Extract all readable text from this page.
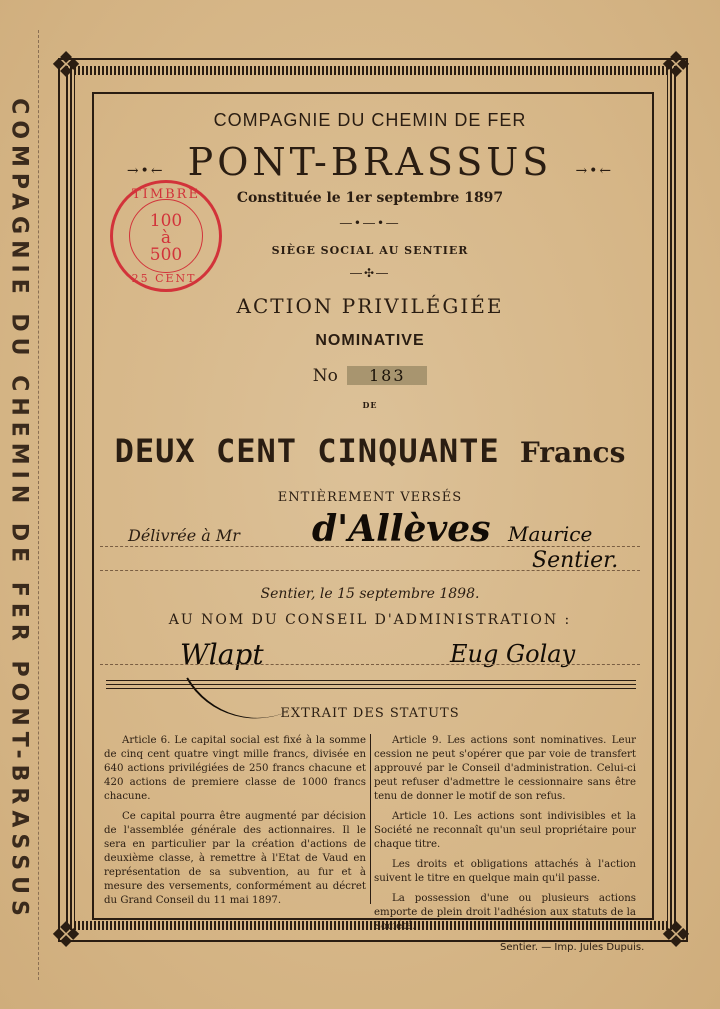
COMPAGNIE DU CHEMIN DE FER PONT-BRASSUS
❖	❖
❖	❖
COMPAGNIE DU CHEMIN DE FER
→•← PONT-BRASSUS →•←
Constituée le 1er septembre 1897
―•―•―
SIÈGE SOCIAL AU SENTIER
―✣―
TIMBRE
100
à
500
25 CENT.
ACTION PRIVILÉGIÉE
NOMINATIVE
No 183
DE
DEUX CENT CINQUANTE Francs
ENTIÈREMENT VERSÉS
Délivrée à Mr d'Allèves Maurice
Sentier.
Sentier, le 15 septembre 1898.
AU NOM DU CONSEIL D'ADMINISTRATION :
Wlapt	Eug Golay
EXTRAIT DES STATUTS

Article 6. Le capital social est fixé à la somme de cinq cent quatre vingt mille francs, divisée en 640 actions privilégiées de 250 francs chacune et 420 actions de premiere classe de 1000 francs chacune.

Ce capital pourra être augmenté par décision de l'assemblée générale des actionnaires. Il le sera en particulier par la création d'actions de deuxième classe, à remettre à l'Etat de Vaud en représentation de sa subvention, au fur et à mesure des versements, conformément au décret du Grand Conseil du 11 mai 1897.

Article 9. Les actions sont nominatives. Leur cession ne peut s'opérer que par voie de transfert approuvé par le Conseil d'administration. Celui-ci peut refuser d'admettre le cessionnaire sans être tenu de donner le motif de son refus.

Article 10. Les actions sont indivisibles et la Société ne reconnaît qu'un seul propriétaire pour chaque titre.

Les droits et obligations attachés à l'action suivent le titre en quelque main qu'il passe.

La possession d'une ou plusieurs actions emporte de plein droit l'adhésion aux statuts de la Société.

Sentier. — Imp. Jules Dupuis.
